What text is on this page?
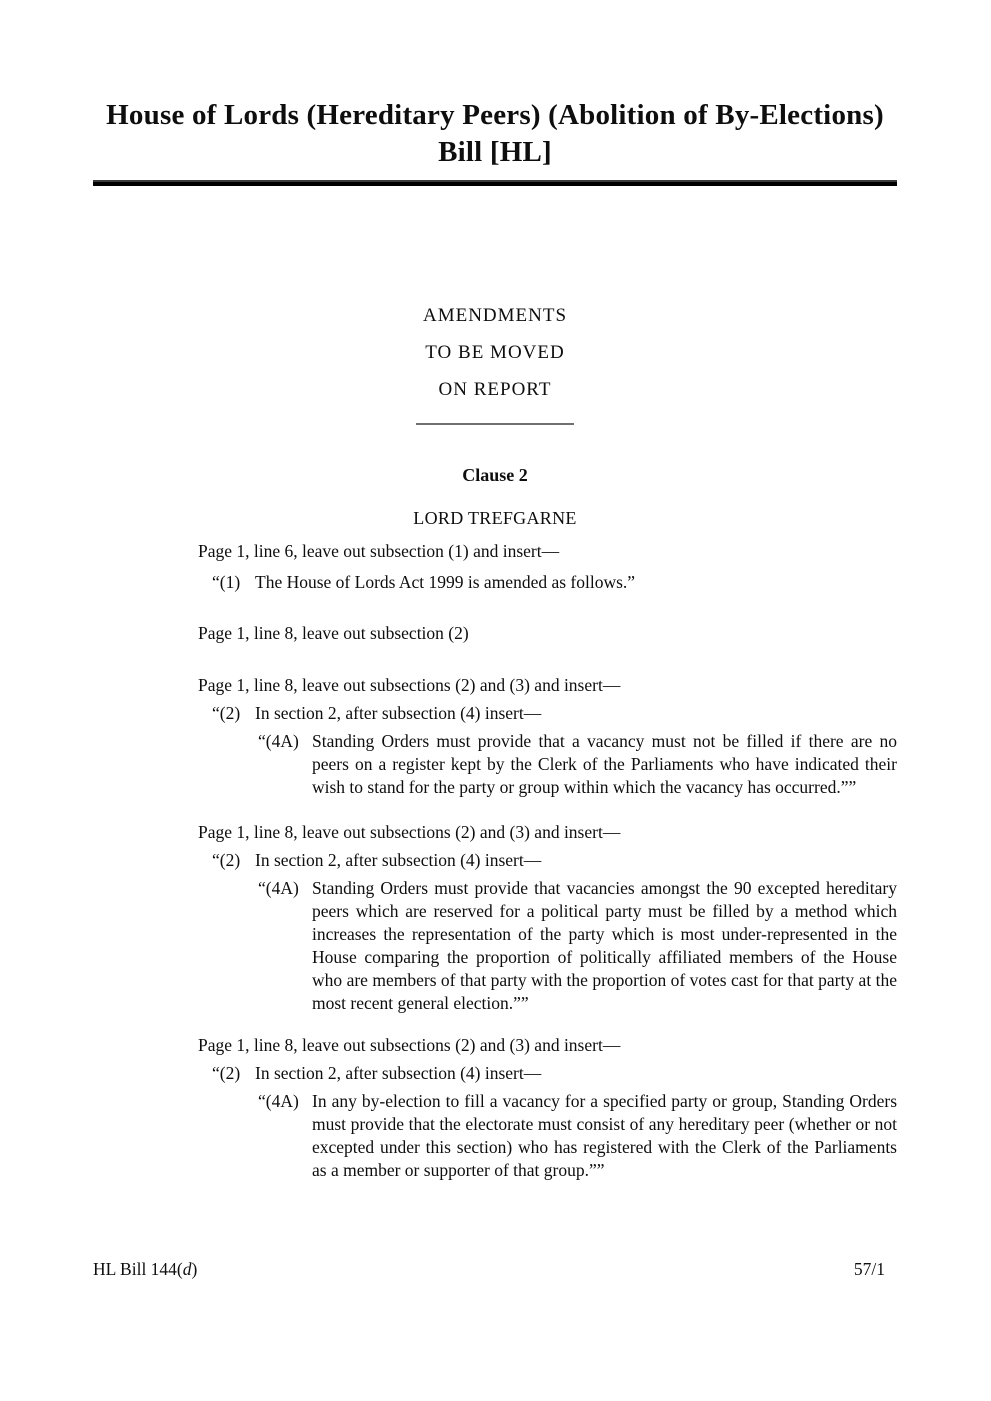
House of Lords (Hereditary Peers) (Abolition of By-Elections) Bill [HL]
AMENDMENTS
TO BE MOVED
ON REPORT
Clause 2
LORD TREFGARNE
Page 1, line 6, leave out subsection (1) and insert—
“(1) The House of Lords Act 1999 is amended as follows.”
Page 1, line 8, leave out subsection (2)
Page 1, line 8, leave out subsections (2) and (3) and insert—
“(2) In section 2, after subsection (4) insert—
“(4A) Standing Orders must provide that a vacancy must not be filled if there are no peers on a register kept by the Clerk of the Parliaments who have indicated their wish to stand for the party or group within which the vacancy has occurred.””
Page 1, line 8, leave out subsections (2) and (3) and insert—
“(2) In section 2, after subsection (4) insert—
“(4A) Standing Orders must provide that vacancies amongst the 90 excepted hereditary peers which are reserved for a political party must be filled by a method which increases the representation of the party which is most under-represented in the House comparing the proportion of politically affiliated members of the House who are members of that party with the proportion of votes cast for that party at the most recent general election.””
Page 1, line 8, leave out subsections (2) and (3) and insert—
“(2) In section 2, after subsection (4) insert—
“(4A) In any by-election to fill a vacancy for a specified party or group, Standing Orders must provide that the electorate must consist of any hereditary peer (whether or not excepted under this section) who has registered with the Clerk of the Parliaments as a member or supporter of that group.””
HL Bill 144(d)	57/1
